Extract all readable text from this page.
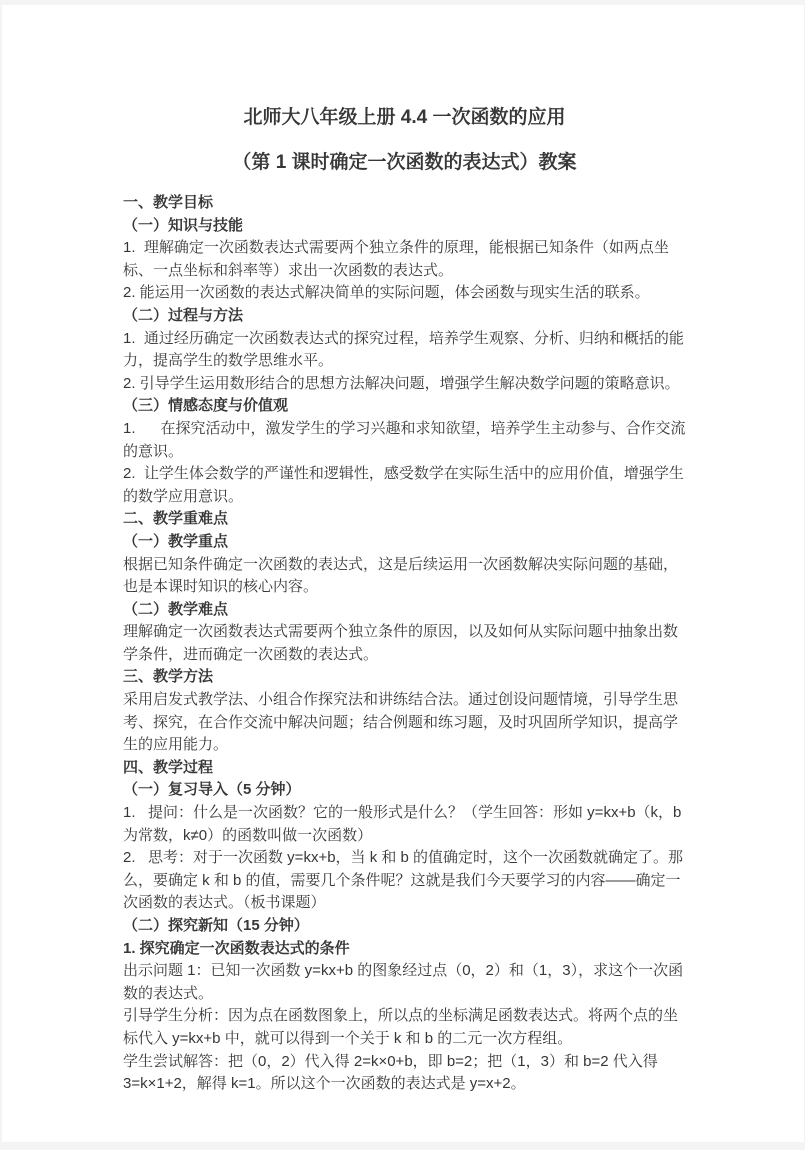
北师大八年级上册 4.4 一次函数的应用
（第 1 课时确定一次函数的表达式）教案
一、教学目标
（一）知识与技能
1.  理解确定一次函数表达式需要两个独立条件的原理，能根据已知条件（如两点坐标、一点坐标和斜率等）求出一次函数的表达式。
2. 能运用一次函数的表达式解决简单的实际问题，体会函数与现实生活的联系。
（二）过程与方法
1.  通过经历确定一次函数表达式的探究过程，培养学生观察、分析、归纳和概括的能力，提高学生的数学思维水平。
2. 引导学生运用数形结合的思想方法解决问题，增强学生解决数学问题的策略意识。
（三）情感态度与价值观
1.      在探究活动中，激发学生的学习兴趣和求知欲望，培养学生主动参与、合作交流的意识。
2.  让学生体会数学的严谨性和逻辑性，感受数学在实际生活中的应用价值，增强学生的数学应用意识。
二、教学重难点
（一）教学重点
根据已知条件确定一次函数的表达式，这是后续运用一次函数解决实际问题的基础，也是本课时知识的核心内容。
（二）教学难点
理解确定一次函数表达式需要两个独立条件的原因，以及如何从实际问题中抽象出数学条件，进而确定一次函数的表达式。
三、教学方法
采用启发式教学法、小组合作探究法和讲练结合法。通过创设问题情境，引导学生思考、探究，在合作交流中解决问题；结合例题和练习题，及时巩固所学知识，提高学生的应用能力。
四、教学过程
（一）复习导入（5 分钟）
1.   提问：什么是一次函数？它的一般形式是什么？（学生回答：形如 y=kx+b（k，b 为常数，k≠0）的函数叫做一次函数）
2.   思考：对于一次函数 y=kx+b，当 k 和 b 的值确定时，这个一次函数就确定了。那么，要确定 k 和 b 的值，需要几个条件呢？这就是我们今天要学习的内容——确定一次函数的表达式。（板书课题）
（二）探究新知（15 分钟）
1. 探究确定一次函数表达式的条件
出示问题 1：已知一次函数 y=kx+b 的图象经过点（0，2）和（1，3），求这个一次函数的表达式。
引导学生分析：因为点在函数图象上，所以点的坐标满足函数表达式。将两个点的坐标代入 y=kx+b 中，就可以得到一个关于 k 和 b 的二元一次方程组。
学生尝试解答：把（0，2）代入得 2=k×0+b，即 b=2；把（1，3）和 b=2 代入得 3=k×1+2，解得 k=1。所以这个一次函数的表达式是 y=x+2。
